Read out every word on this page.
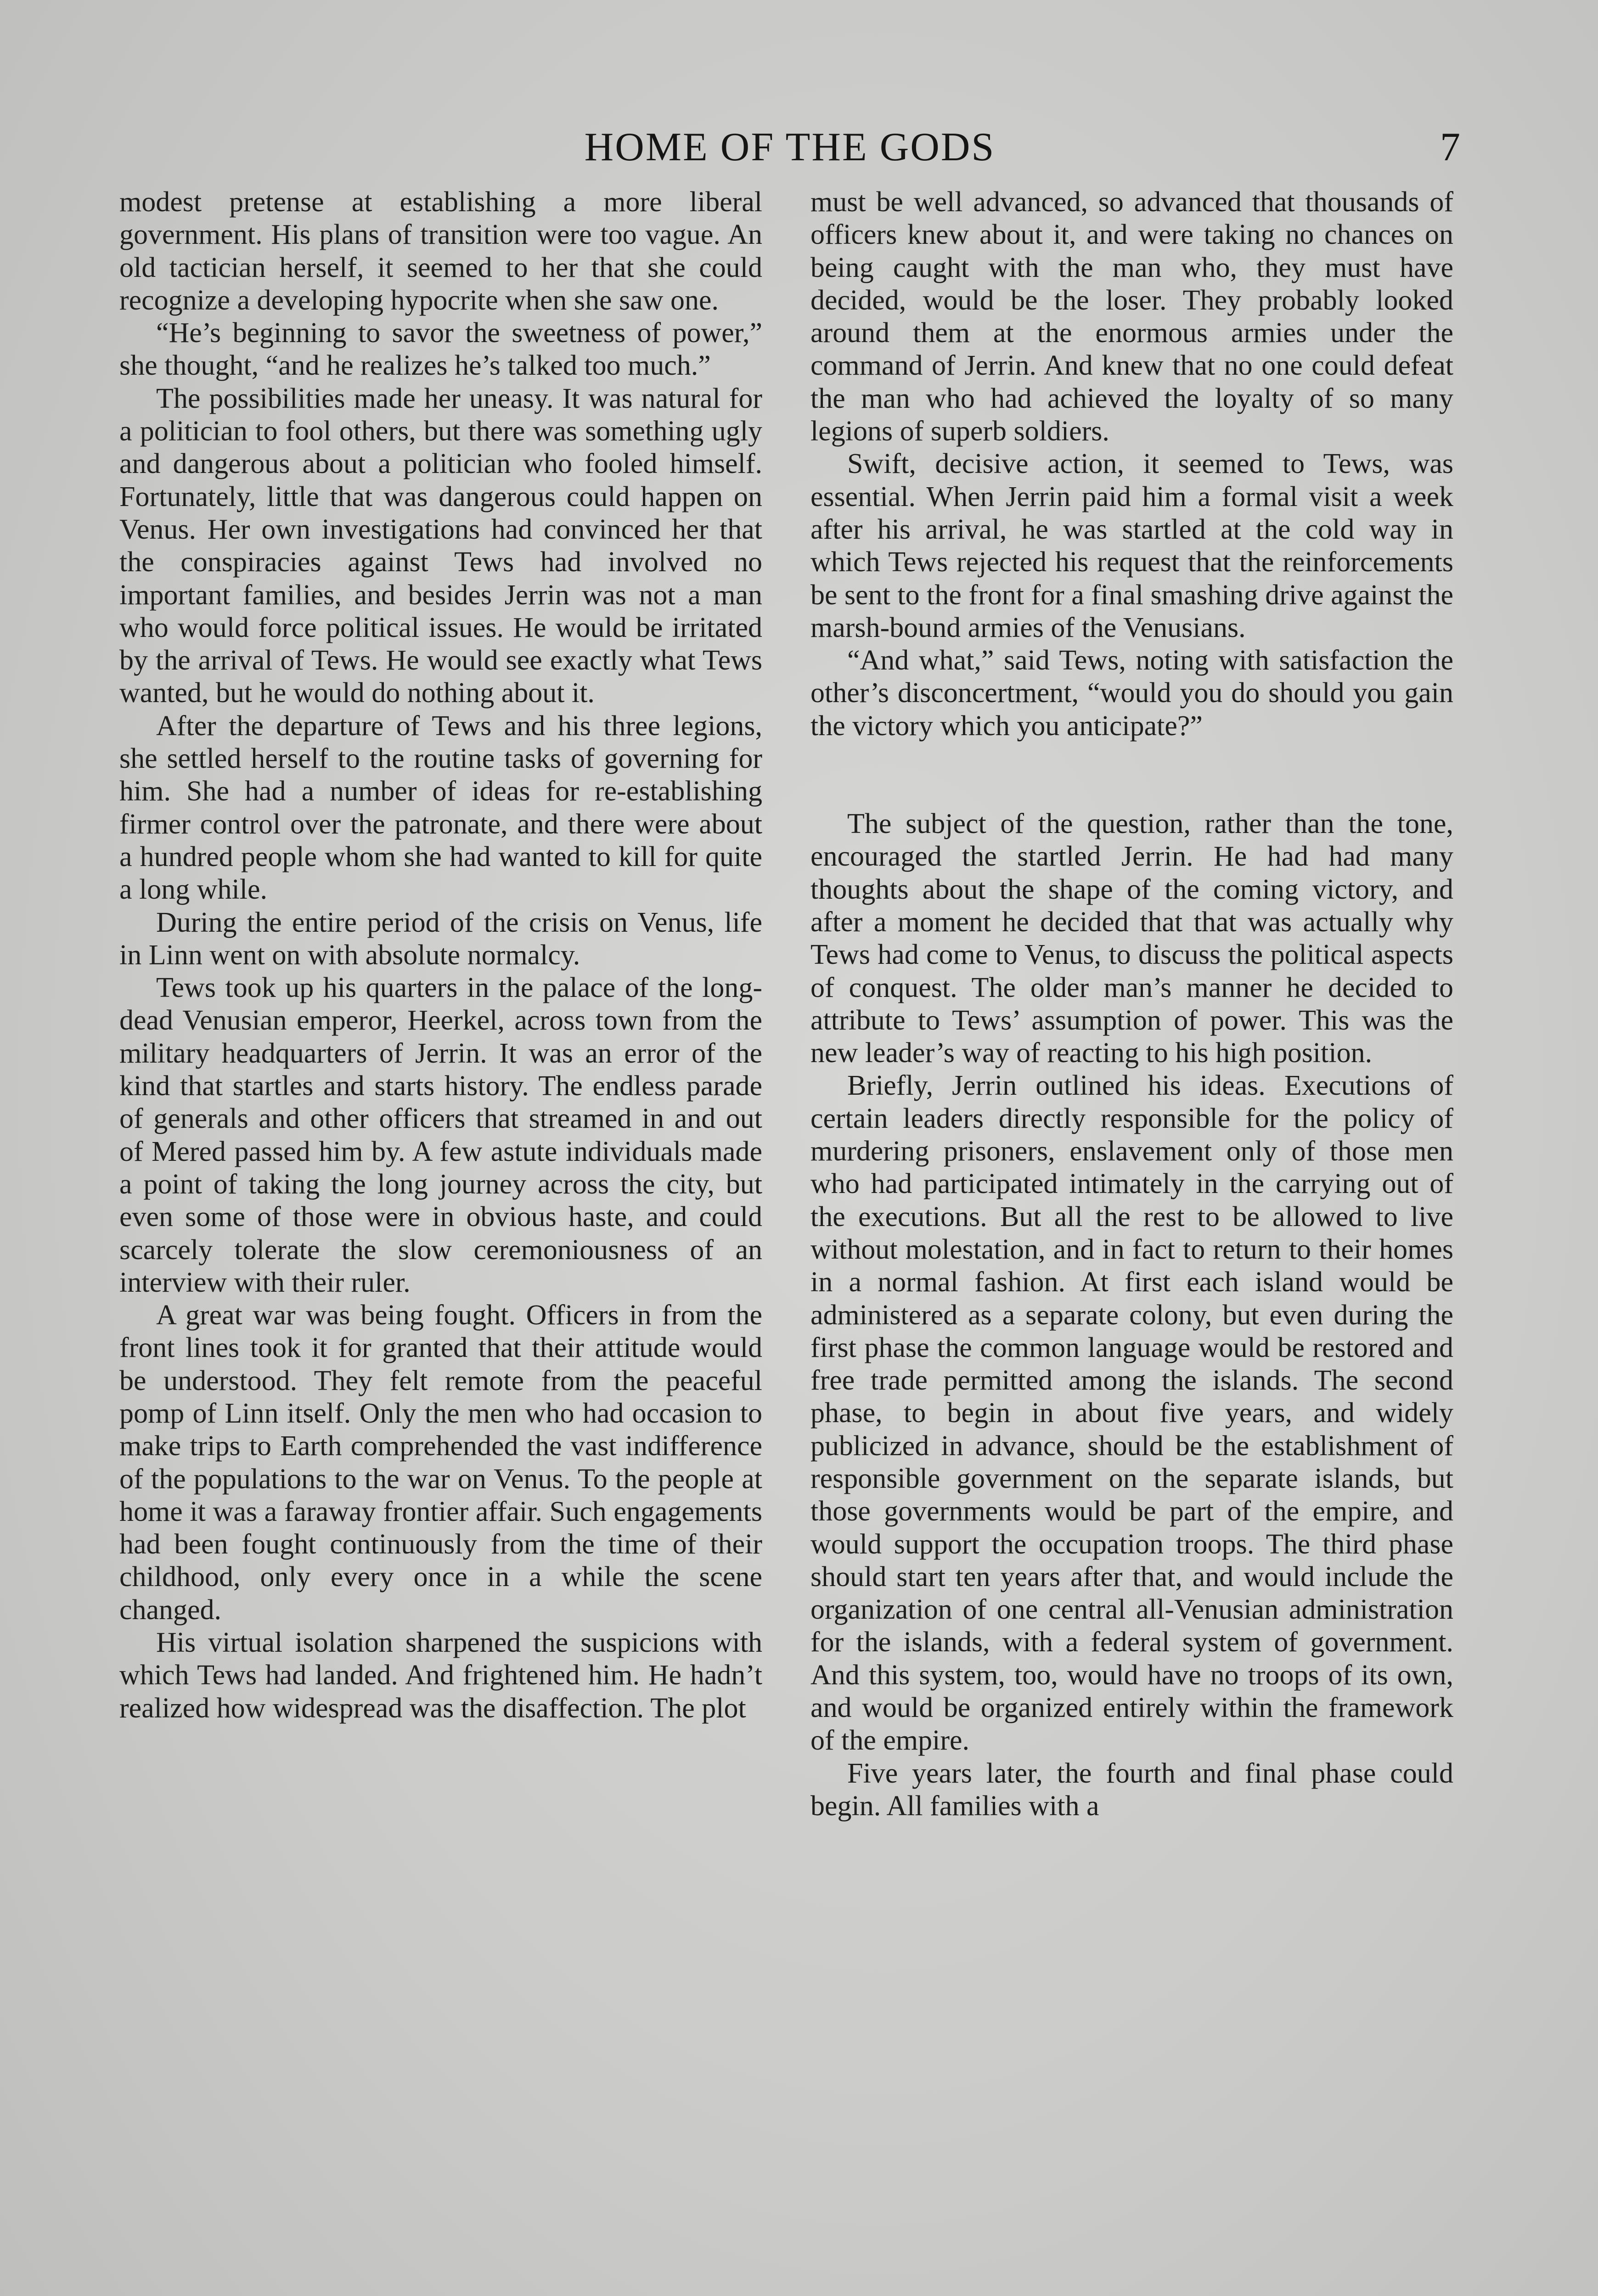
HOME OF THE GODS	7

modest pretense at establishing a more liberal government. His plans of transition were too vague. An old tactician herself, it seemed to her that she could recognize a developing hypocrite when she saw one.

“He’s beginning to savor the sweetness of power,” she thought, “and he realizes he’s talked too much.”

The possibilities made her uneasy. It was natural for a politician to fool others, but there was something ugly and dangerous about a politician who fooled himself. Fortunately, little that was dangerous could happen on Venus. Her own investigations had convinced her that the conspiracies against Tews had involved no important families, and besides Jerrin was not a man who would force political issues. He would be irritated by the arrival of Tews. He would see exactly what Tews wanted, but he would do nothing about it.

After the departure of Tews and his three legions, she settled herself to the routine tasks of governing for him. She had a number of ideas for re-establishing firmer control over the patronate, and there were about a hundred people whom she had wanted to kill for quite a long while.

During the entire period of the crisis on Venus, life in Linn went on with absolute normalcy.

Tews took up his quarters in the palace of the long-dead Venusian emperor, Heerkel, across town from the military headquarters of Jerrin. It was an error of the kind that startles and starts history. The endless parade of generals and other officers that streamed in and out of Mered passed him by. A few astute individuals made a point of taking the long journey across the city, but even some of those were in obvious haste, and could scarcely tolerate the slow ceremoniousness of an interview with their ruler.

A great war was being fought. Officers in from the front lines took it for granted that their attitude would be understood. They felt remote from the peaceful pomp of Linn itself. Only the men who had occasion to make trips to Earth comprehended the vast indifference of the populations to the war on Venus. To the people at home it was a faraway frontier affair. Such engagements had been fought continuously from the time of their childhood, only every once in a while the scene changed.

His virtual isolation sharpened the suspicions with which Tews had landed. And frightened him. He hadn’t realized how widespread was the disaffection. The plot

must be well advanced, so advanced that thousands of officers knew about it, and were taking no chances on being caught with the man who, they must have decided, would be the loser. They probably looked around them at the enormous armies under the command of Jerrin. And knew that no one could defeat the man who had achieved the loyalty of so many legions of superb soldiers.

Swift, decisive action, it seemed to Tews, was essential. When Jerrin paid him a formal visit a week after his arrival, he was startled at the cold way in which Tews rejected his request that the reinforcements be sent to the front for a final smashing drive against the marsh-bound armies of the Venusians.

“And what,” said Tews, noting with satisfaction the other’s disconcertment, “would you do should you gain the victory which you anticipate?”

The subject of the question, rather than the tone, encouraged the startled Jerrin. He had had many thoughts about the shape of the coming victory, and after a moment he decided that that was actually why Tews had come to Venus, to discuss the political aspects of conquest. The older man’s manner he decided to attribute to Tews’ assumption of power. This was the new leader’s way of reacting to his high position.

Briefly, Jerrin outlined his ideas. Executions of certain leaders directly responsible for the policy of murdering prisoners, enslavement only of those men who had participated intimately in the carrying out of the executions. But all the rest to be allowed to live without molestation, and in fact to return to their homes in a normal fashion. At first each island would be administered as a separate colony, but even during the first phase the common language would be restored and free trade permitted among the islands. The second phase, to begin in about five years, and widely publicized in advance, should be the establishment of responsible government on the separate islands, but those governments would be part of the empire, and would support the occupation troops. The third phase should start ten years after that, and would include the organization of one central all-Venusian administration for the islands, with a federal system of government. And this system, too, would have no troops of its own, and would be organized entirely within the framework of the empire.

Five years later, the fourth and final phase could begin. All families with a
